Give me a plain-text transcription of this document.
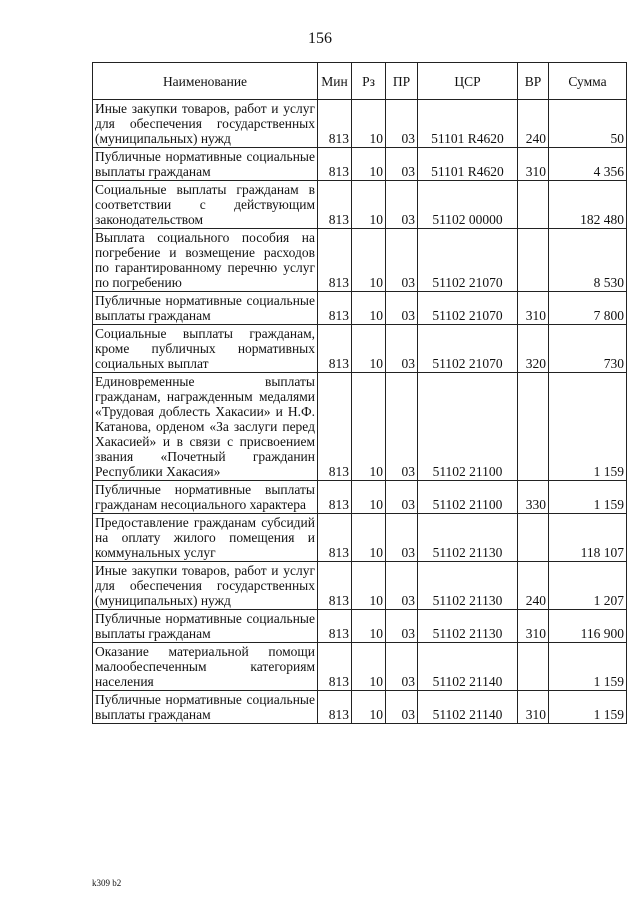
156
Наименование	Мин	Рз	ПР	ЦСР	ВР	Сумма
Иные закупки товаров, работ и услуг для обеспечения государственных (муниципальных) нужд	813	10	03	51101 R4620	240	50
Публичные нормативные социальные выплаты гражданам	813	10	03	51101 R4620	310	4 356
Социальные выплаты гражданам в соответствии с действующим законодательством	813	10	03	51102 00000		182 480
Выплата социального пособия на погребение и возмещение расходов по гарантированному перечню услуг по погребению	813	10	03	51102 21070		8 530
Публичные нормативные социальные выплаты гражданам	813	10	03	51102 21070	310	7 800
Социальные выплаты гражданам, кроме публичных нормативных социальных выплат	813	10	03	51102 21070	320	730
Единовременные выплаты гражданам, награжденным медалями «Трудовая доблесть Хакасии» и Н.Ф. Катанова, орденом «За заслуги перед Хакасией» и в связи с присвоением звания «Почетный гражданин Республики Хакасия»	813	10	03	51102 21100		1 159
Публичные нормативные выплаты гражданам несоциального характера	813	10	03	51102 21100	330	1 159
Предоставление гражданам субсидий на оплату жилого помещения и коммунальных услуг	813	10	03	51102 21130		118 107
Иные закупки товаров, работ и услуг для обеспечения государственных (муниципальных) нужд	813	10	03	51102 21130	240	1 207
Публичные нормативные социальные выплаты гражданам	813	10	03	51102 21130	310	116 900
Оказание материальной помощи малообеспеченным категориям населения	813	10	03	51102 21140		1 159
Публичные нормативные социальные выплаты гражданам	813	10	03	51102 21140	310	1 159
k309 b2
